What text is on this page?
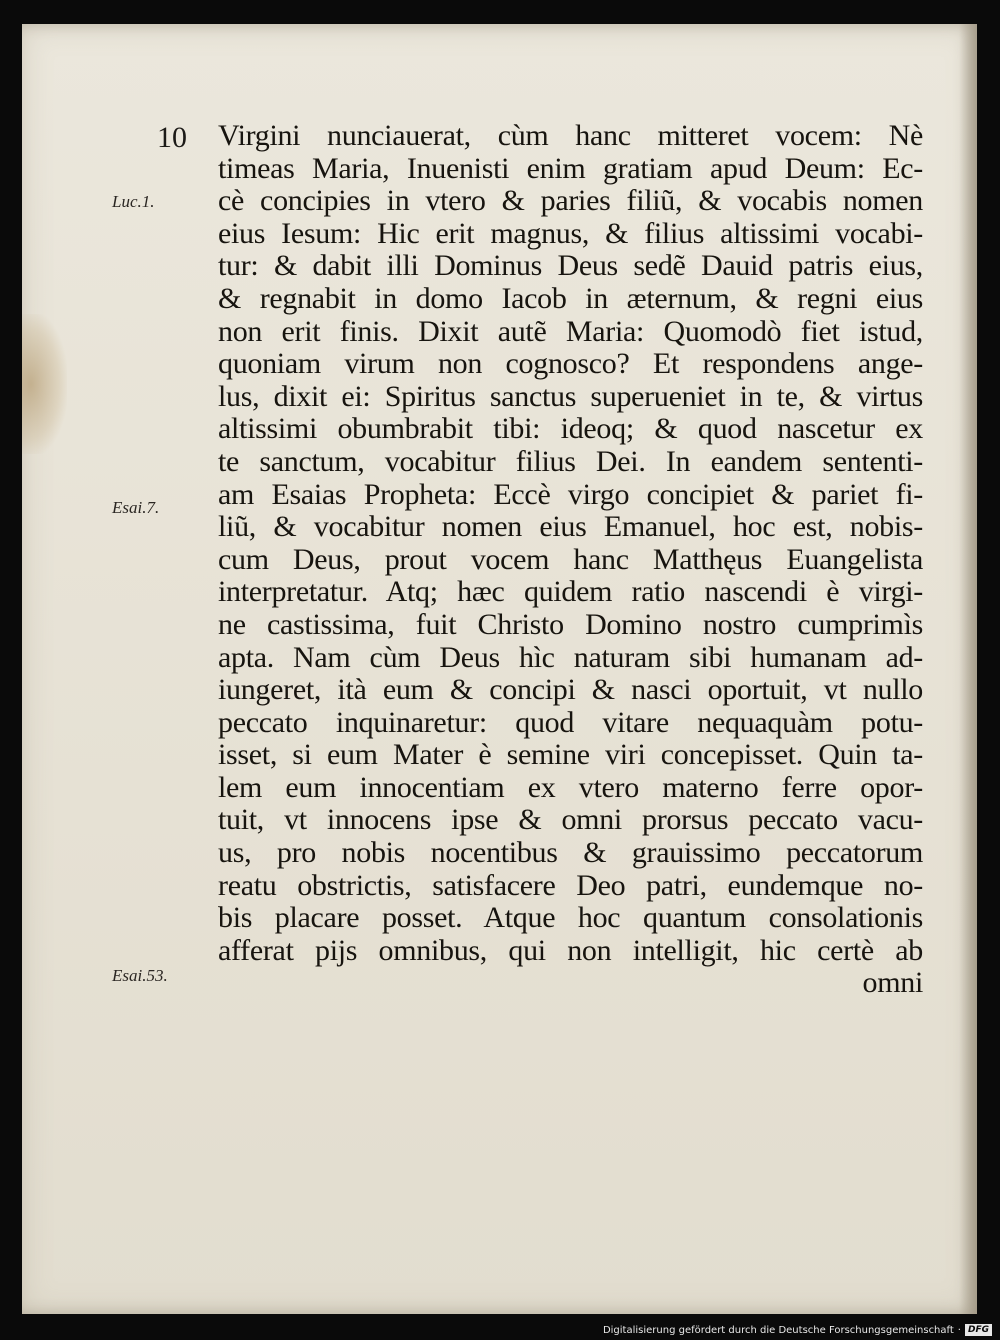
10
Luc.1.
Esai.7.
Esai.53.
Virgini nunciauerat, cùm hanc mitteret vocem: Nè
timeas Maria, Inuenisti enim gratiam apud Deum: Ec-
cè concipies in vtero & paries filiũ, & vocabis nomen
eius Iesum: Hic erit magnus, & filius altissimi vocabi-
tur: & dabit illi Dominus Deus sedẽ Dauid patris eius,
& regnabit in domo Iacob in æternum, & regni eius
non erit finis. Dixit autẽ Maria: Quomodò fiet istud,
quoniam virum non cognosco? Et respondens ange-
lus, dixit ei: Spiritus sanctus superueniet in te, & virtus
altissimi obumbrabit tibi: ideoq; & quod nascetur ex
te sanctum, vocabitur filius Dei. In eandem sententi-
am Esaias Propheta: Eccè virgo concipiet & pariet fi-
liũ, & vocabitur nomen eius Emanuel, hoc est, nobis-
cum Deus, prout vocem hanc Matthęus Euangelista
interpretatur. Atq; hæc quidem ratio nascendi è virgi-
ne castissima, fuit Christo Domino nostro cumprimìs
apta. Nam cùm Deus hìc naturam sibi humanam ad-
iungeret, ità eum & concipi & nasci oportuit, vt nullo
peccato inquinaretur: quod vitare nequaquàm potu-
isset, si eum Mater è semine viri concepisset. Quin ta-
lem eum innocentiam ex vtero materno ferre opor-
tuit, vt innocens ipse & omni prorsus peccato vacu-
us, pro nobis nocentibus & grauissimo peccatorum
reatu obstrictis, satisfacere Deo patri, eundemque no-
bis placare posset. Atque hoc quantum consolationis
afferat pijs omnibus, qui non intelligit, hic certè ab
omni
Digitalisierung gefördert durch die Deutsche Forschungsgemeinschaft · DFG
